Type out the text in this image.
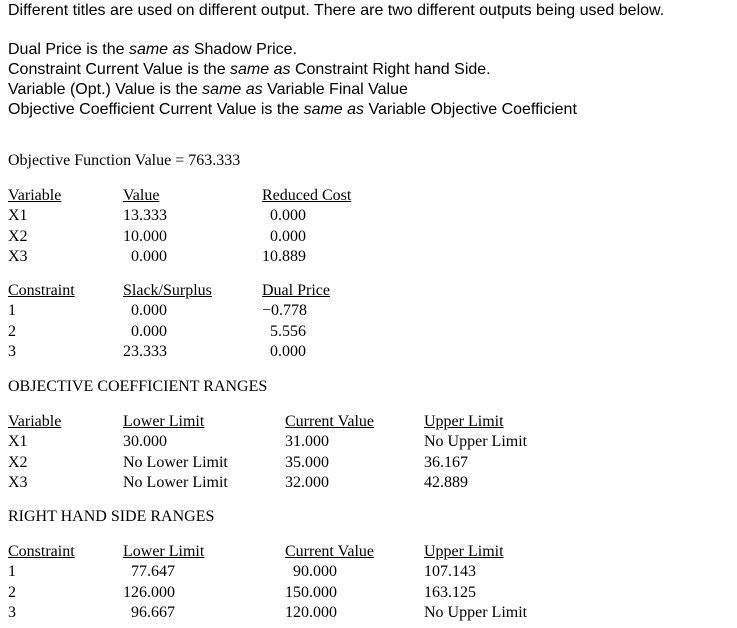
Different titles are used on different output. There are two different outputs being used below.
Dual Price is the same as Shadow Price.
Constraint Current Value is the same as Constraint Right hand Side.
Variable (Opt.) Value is the same as Variable Final Value
Objective Coefficient Current Value is the same as Variable Objective Coefficient
Objective Function Value = 763.333
Variable	Value	Reduced Cost
X1	13.333	0.000
X2	10.000	0.000
X3	0.000	10.889
Constraint	Slack/Surplus	Dual Price
1	0.000	−0.778
2	0.000	5.556
3	23.333	0.000
OBJECTIVE COEFFICIENT RANGES
Variable	Lower Limit	Current Value	Upper Limit
X1	30.000	31.000	No Upper Limit
X2	No Lower Limit	35.000	36.167
X3	No Lower Limit	32.000	42.889
RIGHT HAND SIDE RANGES
Constraint	Lower Limit	Current Value	Upper Limit
1	77.647	90.000	107.143
2	126.000	150.000	163.125
3	96.667	120.000	No Upper Limit
